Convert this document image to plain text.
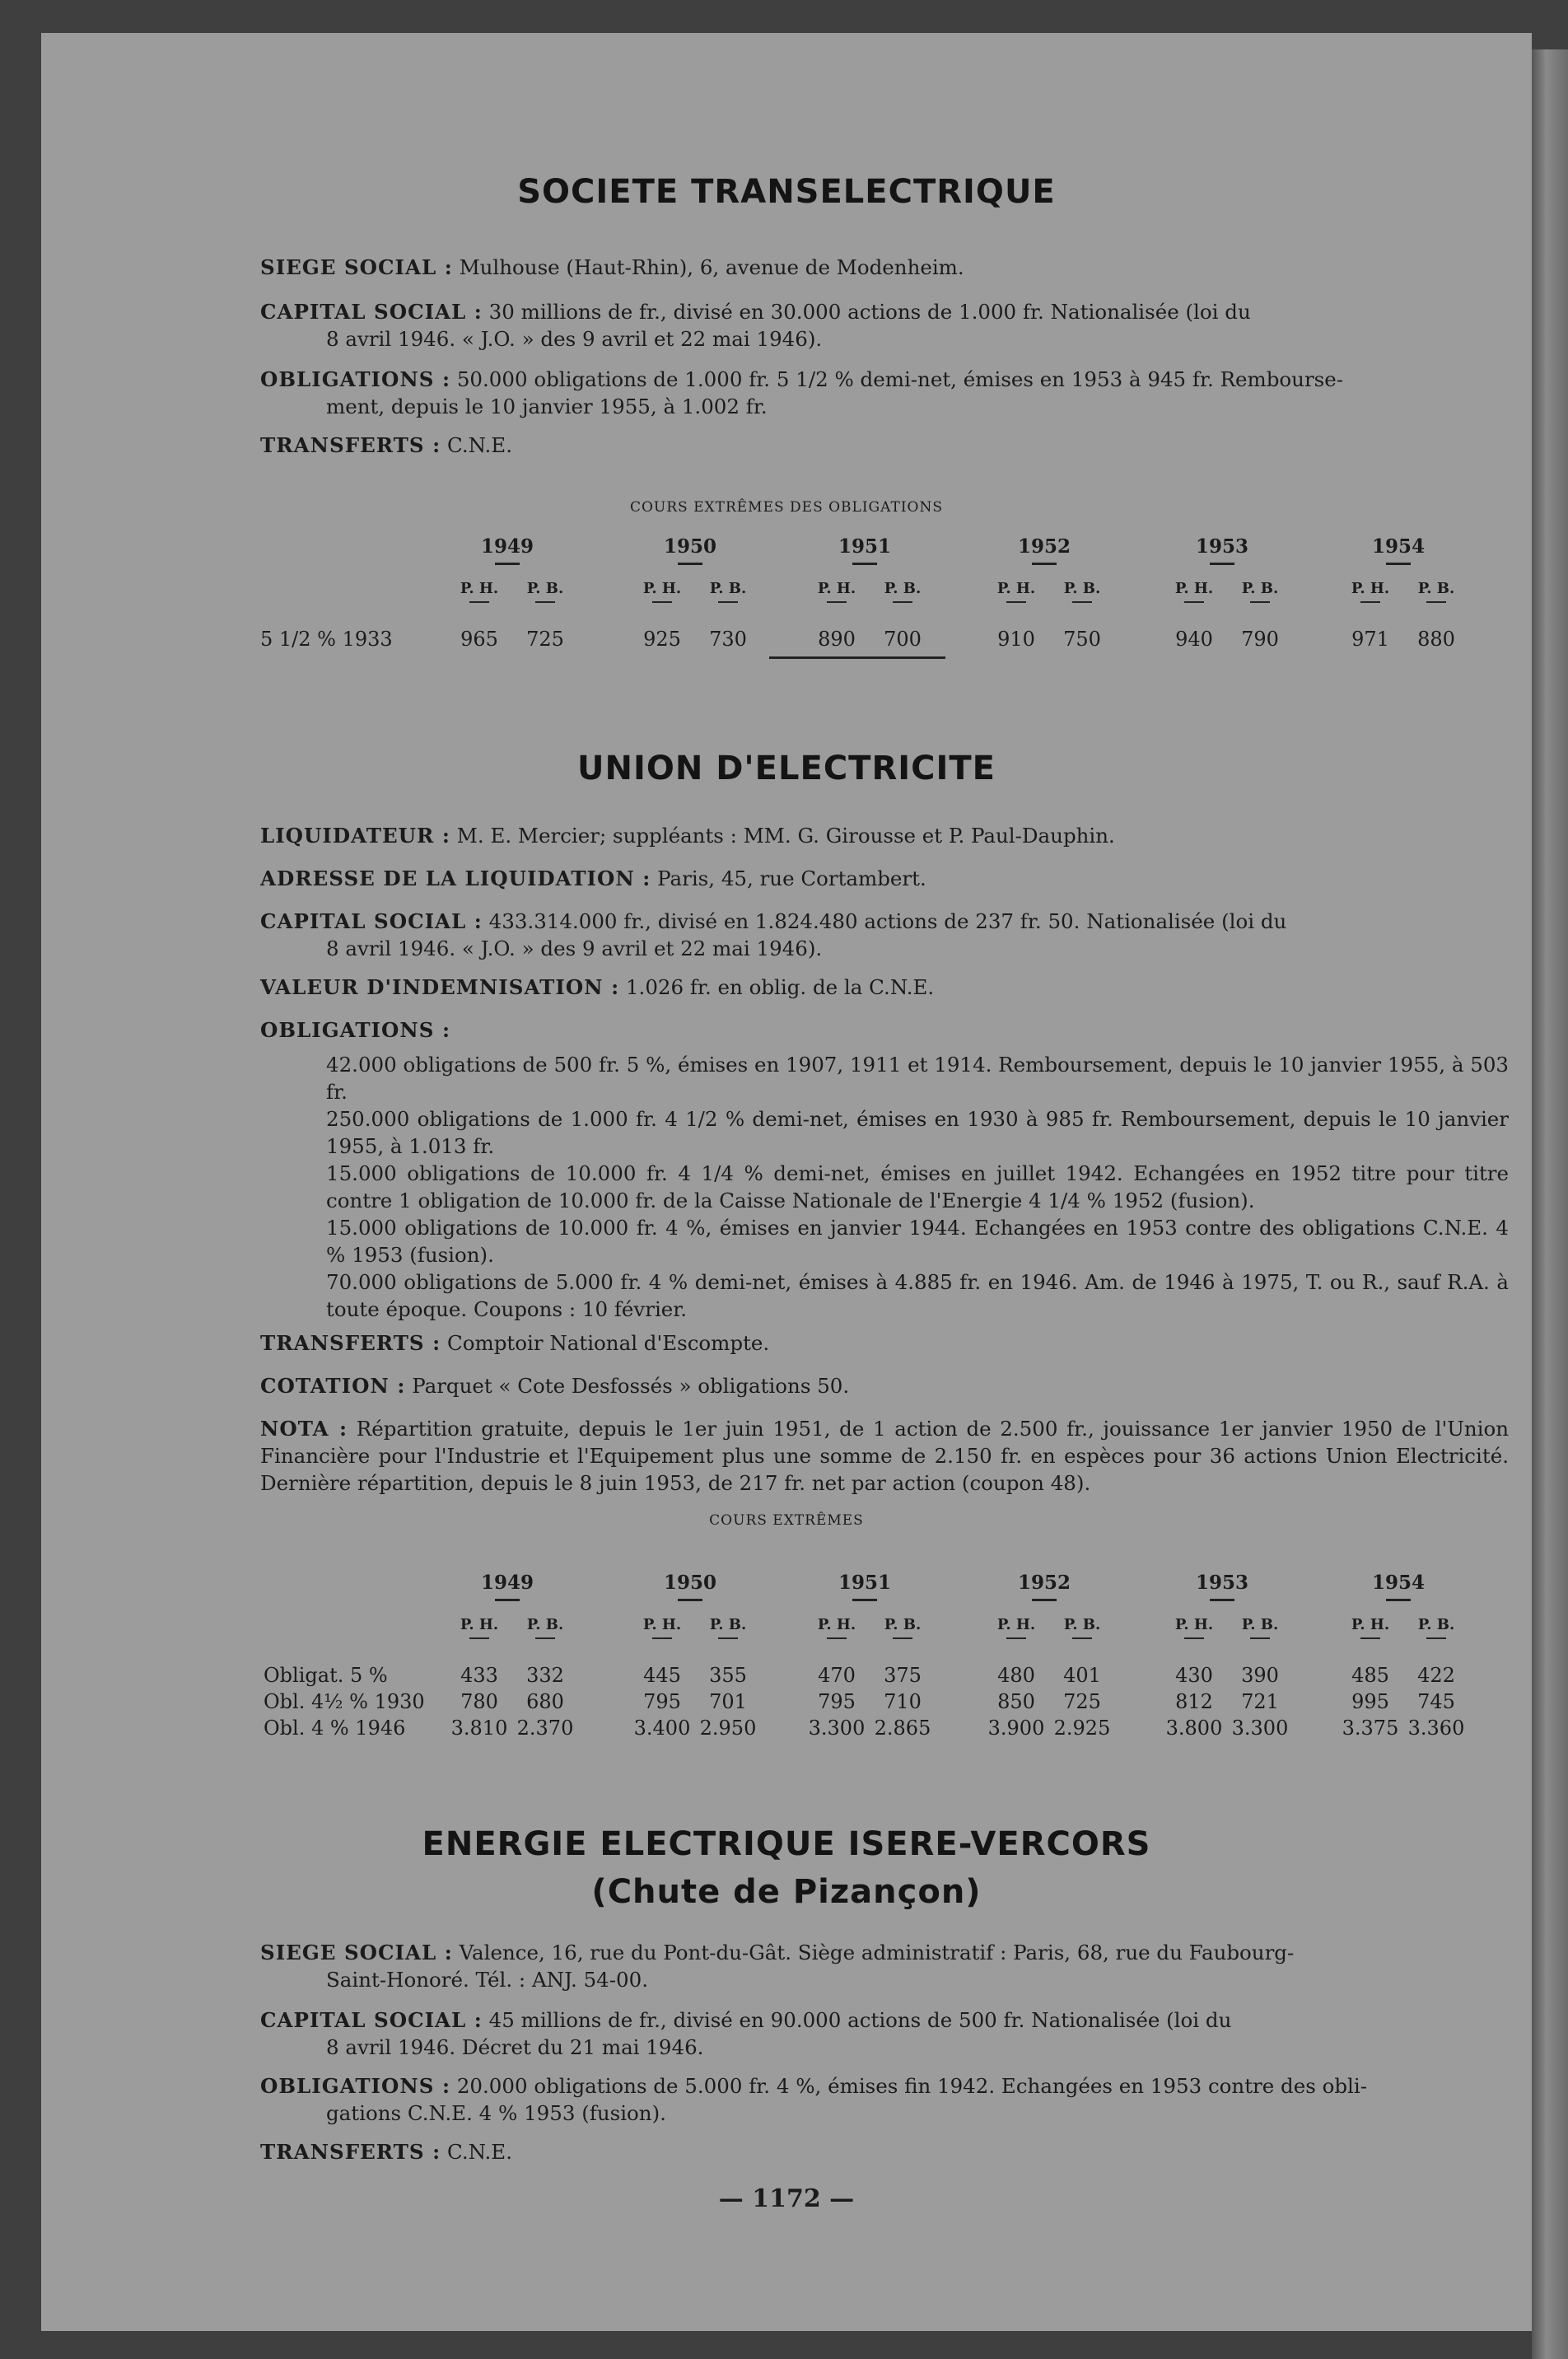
SOCIETE TRANSELECTRIQUE
SIEGE SOCIAL : Mulhouse (Haut-Rhin), 6, avenue de Modenheim.
CAPITAL SOCIAL : 30 millions de fr., divisé en 30.000 actions de 1.000 fr. Nationalisée (loi du
8 avril 1946. « J.O. » des 9 avril et 22 mai 1946).
OBLIGATIONS : 50.000 obligations de 1.000 fr. 5 1/2 % demi-net, émises en 1953 à 945 fr. Rembourse-
ment, depuis le 10 janvier 1955, à 1.002 fr.
TRANSFERTS : C.N.E.
COURS EXTRÊMES DES OBLIGATIONS
1949
P. H.	P. B.
1950
P. H.	P. B.
1951
P. H.	P. B.
1952
P. H.	P. B.
1953
P. H.	P. B.
1954
P. H.	P. B.
5 1/2 % 1933	965	725	925	730	890	700	910	750	940	790	971	880
UNION D'ELECTRICITE
LIQUIDATEUR : M. E. Mercier; suppléants : MM. G. Girousse et P. Paul-Dauphin.
ADRESSE DE LA LIQUIDATION : Paris, 45, rue Cortambert.
CAPITAL SOCIAL : 433.314.000 fr., divisé en 1.824.480 actions de 237 fr. 50. Nationalisée (loi du
8 avril 1946. « J.O. » des 9 avril et 22 mai 1946).
VALEUR D'INDEMNISATION : 1.026 fr. en oblig. de la C.N.E.
OBLIGATIONS :
42.000 obligations de 500 fr. 5 %, émises en 1907, 1911 et 1914. Remboursement, depuis le 10 janvier 1955, à 503 fr.
250.000 obligations de 1.000 fr. 4 1/2 % demi-net, émises en 1930 à 985 fr. Remboursement, depuis le 10 janvier 1955, à 1.013 fr.
15.000 obligations de 10.000 fr. 4 1/4 % demi-net, émises en juillet 1942. Echangées en 1952 titre pour titre contre 1 obligation de 10.000 fr. de la Caisse Nationale de l'Energie 4 1/4 % 1952 (fusion).
15.000 obligations de 10.000 fr. 4 %, émises en janvier 1944. Echangées en 1953 contre des obligations C.N.E. 4 % 1953 (fusion).
70.000 obligations de 5.000 fr. 4 % demi-net, émises à 4.885 fr. en 1946. Am. de 1946 à 1975, T. ou R., sauf R.A. à toute époque. Coupons : 10 février.
TRANSFERTS : Comptoir National d'Escompte.
COTATION : Parquet « Cote Desfossés » obligations 50.
NOTA : Répartition gratuite, depuis le 1er juin 1951, de 1 action de 2.500 fr., jouissance 1er janvier 1950 de l'Union Financière pour l'Industrie et l'Equipement plus une somme de 2.150 fr. en espèces pour 36 actions Union Electricité. Dernière répartition, depuis le 8 juin 1953, de 217 fr. net par action (coupon 48).
COURS EXTRÊMES
1949
P. H.	P. B.
1950
P. H.	P. B.
1951
P. H.	P. B.
1952
P. H.	P. B.
1953
P. H.	P. B.
1954
P. H.	P. B.
Obligat. 5 %	433	332	445	355	470	375	480	401	430	390	485	422
Obl. 4½ % 1930	780	680	795	701	795	710	850	725	812	721	995	745
Obl. 4 % 1946	3.810 2.370	3.400 2.950	3.300 2.865	3.900 2.925	3.800 3.300	3.375 3.360
ENERGIE ELECTRIQUE ISERE-VERCORS
(Chute de Pizançon)
SIEGE SOCIAL : Valence, 16, rue du Pont-du-Gât. Siège administratif : Paris, 68, rue du Faubourg-
Saint-Honoré. Tél. : ANJ. 54-00.
CAPITAL SOCIAL : 45 millions de fr., divisé en 90.000 actions de 500 fr. Nationalisée (loi du
8 avril 1946. Décret du 21 mai 1946.
OBLIGATIONS : 20.000 obligations de 5.000 fr. 4 %, émises fin 1942. Echangées en 1953 contre des obli-
gations C.N.E. 4 % 1953 (fusion).
TRANSFERTS : C.N.E.
— 1172 —
